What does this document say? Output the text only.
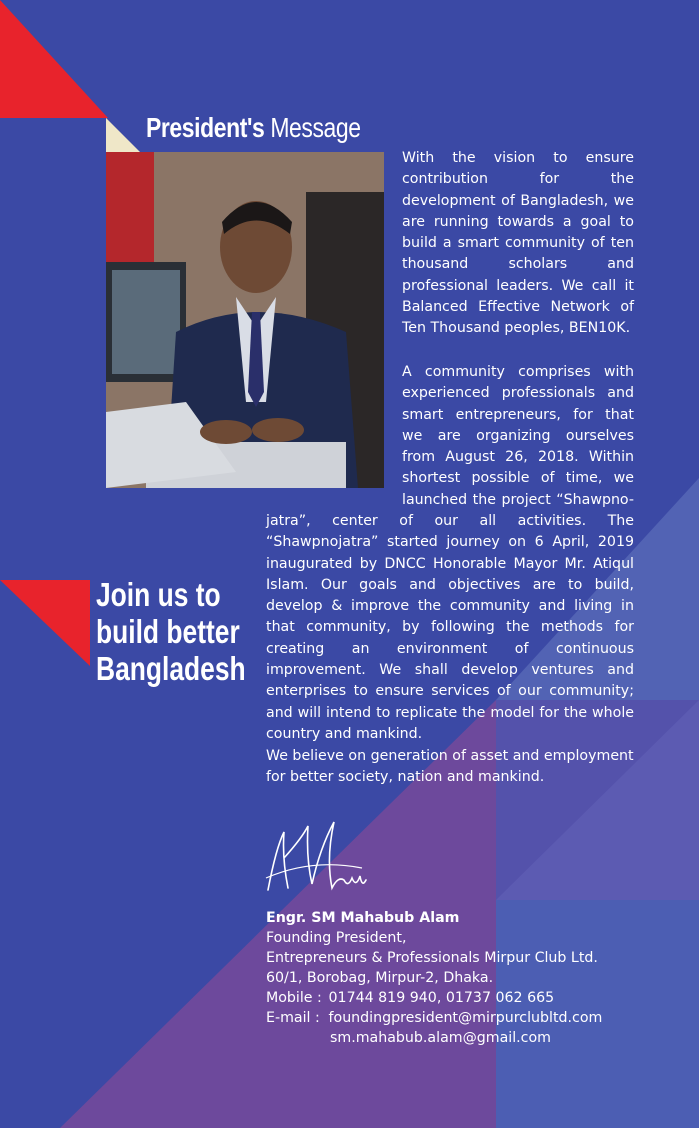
President's Message
With the vision to ensure contribution for the development of Bangladesh, we are running towards a goal to build a smart community of ten thousand scholars and professional leaders. We call it Balanced Effective Network of Ten Thousand peoples, BEN10K.
A community comprises with experienced professionals and smart entrepreneurs, for that we are organizing ourselves from August 26, 2018. Within shortest possible of time, we launched the project “Shawpno-
jatra”, center of our all activities. The “Shawpnojatra” started journey on 6 April, 2019 inaugurated by DNCC Honorable Mayor Mr. Atiqul Islam. Our goals and objectives are to build, develop & improve the community and living in that community, by following the methods for creating an environment of continuous improvement. We shall develop ventures and enterprises to ensure services of our community; and will intend to replicate the model for the whole country and mankind.
We believe on generation of asset and employment for better society, nation and mankind.
Join us to
build better
Bangladesh
Engr. SM Mahabub Alam
Founding President,
Entrepreneurs & Professionals Mirpur Club Ltd.
60/1, Borobag, Mirpur-2, Dhaka.
Mobile : 01744 819 940, 01737 062 665
E-mail : foundingpresident@mirpurclubltd.com
sm.mahabub.alam@gmail.com
